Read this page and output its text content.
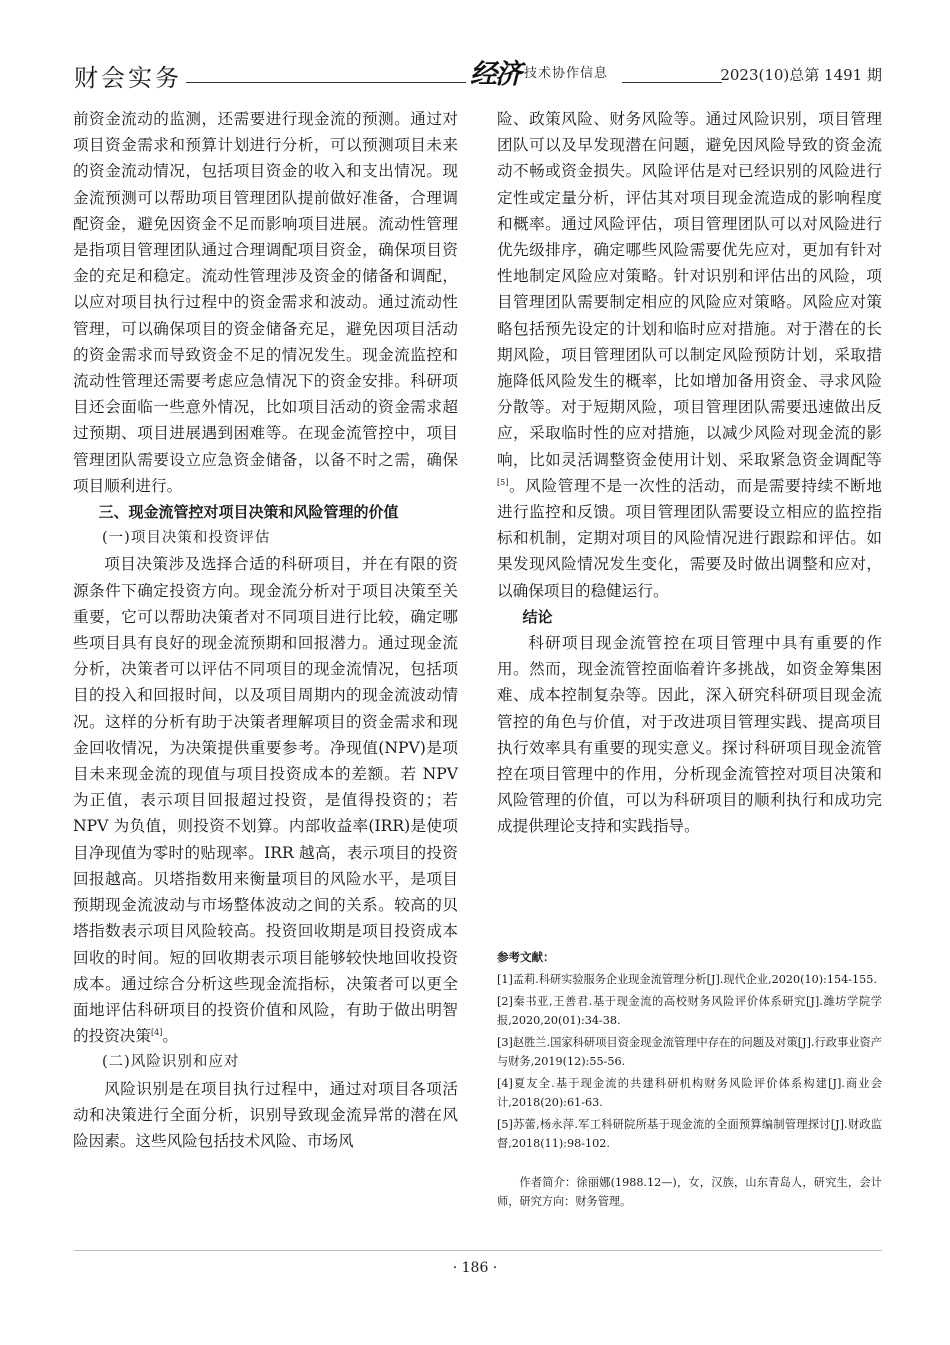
财会实务	经济 技术协作信息	2023(10)总第 1491 期

前资金流动的监测，还需要进行现金流的预测。通过对项目资金需求和预算计划进行分析，可以预测项目未来的资金流动情况，包括项目资金的收入和支出情况。现金流预测可以帮助项目管理团队提前做好准备，合理调配资金，避免因资金不足而影响项目进展。流动性管理是指项目管理团队通过合理调配项目资金，确保项目资金的充足和稳定。流动性管理涉及资金的储备和调配，以应对项目执行过程中的资金需求和波动。通过流动性管理，可以确保项目的资金储备充足，避免因项目活动的资金需求而导致资金不足的情况发生。现金流监控和流动性管理还需要考虑应急情况下的资金安排。科研项目还会面临一些意外情况，比如项目活动的资金需求超过预期、项目进展遇到困难等。在现金流管控中，项目管理团队需要设立应急资金储备，以备不时之需，确保项目顺利进行。

三、现金流管控对项目决策和风险管理的价值

(一)项目决策和投资评估

项目决策涉及选择合适的科研项目，并在有限的资源条件下确定投资方向。现金流分析对于项目决策至关重要，它可以帮助决策者对不同项目进行比较，确定哪些项目具有良好的现金流预期和回报潜力。通过现金流分析，决策者可以评估不同项目的现金流情况，包括项目的投入和回报时间，以及项目周期内的现金流波动情况。这样的分析有助于决策者理解项目的资金需求和现金回收情况，为决策提供重要参考。净现值(NPV)是项目未来现金流的现值与项目投资成本的差额。若 NPV 为正值，表示项目回报超过投资，是值得投资的；若 NPV 为负值，则投资不划算。内部收益率(IRR)是使项目净现值为零时的贴现率。IRR 越高，表示项目的投资回报越高。贝塔指数用来衡量项目的风险水平，是项目预期现金流波动与市场整体波动之间的关系。较高的贝塔指数表示项目风险较高。投资回收期是项目投资成本回收的时间。短的回收期表示项目能够较快地回收投资成本。通过综合分析这些现金流指标，决策者可以更全面地评估科研项目的投资价值和风险，有助于做出明智的投资决策[4]。

(二)风险识别和应对

风险识别是在项目执行过程中，通过对项目各项活动和决策进行全面分析，识别导致现金流异常的潜在风险因素。这些风险包括技术风险、市场风

险、政策风险、财务风险等。通过风险识别，项目管理团队可以及早发现潜在问题，避免因风险导致的资金流动不畅或资金损失。风险评估是对已经识别的风险进行定性或定量分析，评估其对项目现金流造成的影响程度和概率。通过风险评估，项目管理团队可以对风险进行优先级排序，确定哪些风险需要优先应对，更加有针对性地制定风险应对策略。针对识别和评估出的风险，项目管理团队需要制定相应的风险应对策略。风险应对策略包括预先设定的计划和临时应对措施。对于潜在的长期风险，项目管理团队可以制定风险预防计划，采取措施降低风险发生的概率，比如增加备用资金、寻求风险分散等。对于短期风险，项目管理团队需要迅速做出反应，采取临时性的应对措施，以减少风险对现金流的影响，比如灵活调整资金使用计划、采取紧急资金调配等[5]。风险管理不是一次性的活动，而是需要持续不断地进行监控和反馈。项目管理团队需要设立相应的监控指标和机制，定期对项目的风险情况进行跟踪和评估。如果发现风险情况发生变化，需要及时做出调整和应对，以确保项目的稳健运行。

结论

科研项目现金流管控在项目管理中具有重要的作用。然而，现金流管控面临着许多挑战，如资金筹集困难、成本控制复杂等。因此，深入研究科研项目现金流管控的角色与价值，对于改进项目管理实践、提高项目执行效率具有重要的现实意义。探讨科研项目现金流管控在项目管理中的作用，分析现金流管控对项目决策和风险管理的价值，可以为科研项目的顺利执行和成功完成提供理论支持和实践指导。

参考文献：

[1]孟莉.科研实验服务企业现金流管理分析[J].现代企业,2020(10):154-155.

[2]秦书亚,王善君.基于现金流的高校财务风险评价体系研究[J].潍坊学院学报,2020,20(01):34-38.

[3]赵胜兰.国家科研项目资金现金流管理中存在的问题及对策[J].行政事业资产与财务,2019(12):55-56.

[4]夏友全.基于现金流的共建科研机构财务风险评价体系构建[J].商业会计,2018(20):61-63.

[5]苏蕾,杨永萍.军工科研院所基于现金流的全面预算编制管理探讨[J].财政监督,2018(11):98-102.

作者简介：徐丽娜(1988.12—)，女，汉族，山东青岛人，研究生，会计师，研究方向：财务管理。

· 186 ·
